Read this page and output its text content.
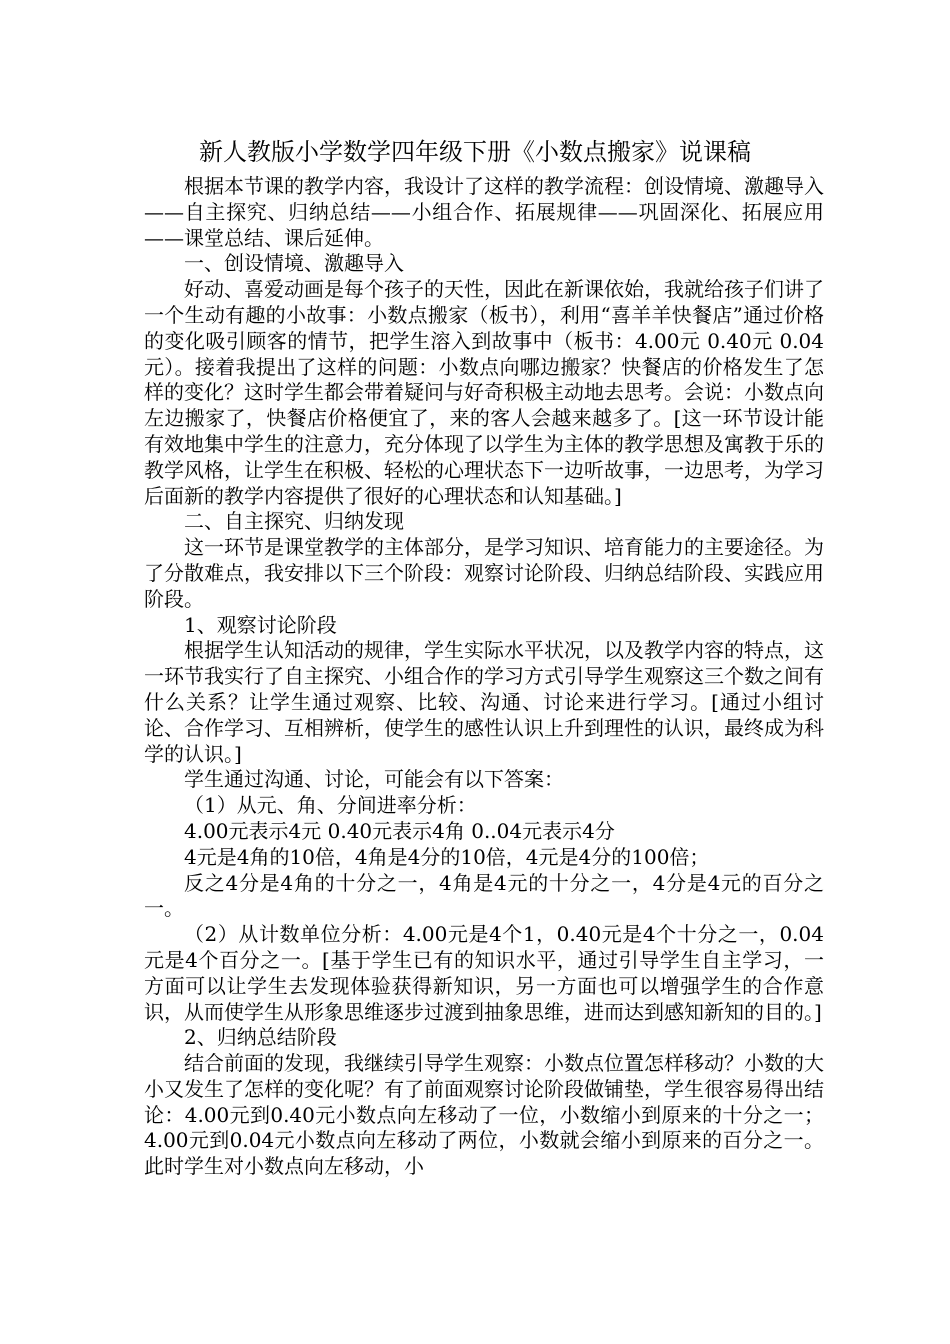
新人教版小学数学四年级下册《小数点搬家》说课稿

根据本节课的教学内容，我设计了这样的教学流程：创设情境、激趣导入——自主探究、归纳总结——小组合作、拓展规律——巩固深化、拓展应用——课堂总结、课后延伸。

一、创设情境、激趣导入

好动、喜爱动画是每个孩子的天性，因此在新课依始，我就给孩子们讲了一个生动有趣的小故事：小数点搬家（板书），利用“喜羊羊快餐店”通过价格的变化吸引顾客的情节，把学生溶入到故事中（板书：4.00元 0.40元 0.04元）。接着我提出了这样的问题：小数点向哪边搬家？快餐店的价格发生了怎样的变化？这时学生都会带着疑问与好奇积极主动地去思考。会说：小数点向左边搬家了，快餐店价格便宜了，来的客人会越来越多了。[这一环节设计能有效地集中学生的注意力，充分体现了以学生为主体的教学思想及寓教于乐的教学风格，让学生在积极、轻松的心理状态下一边听故事，一边思考，为学习后面新的教学内容提供了很好的心理状态和认知基础。]

二、自主探究、归纳发现

这一环节是课堂教学的主体部分，是学习知识、培育能力的主要途径。为了分散难点，我安排以下三个阶段：观察讨论阶段、归纳总结阶段、实践应用阶段。

1、观察讨论阶段

根据学生认知活动的规律，学生实际水平状况，以及教学内容的特点，这一环节我实行了自主探究、小组合作的学习方式引导学生观察这三个数之间有什么关系？让学生通过观察、比较、沟通、讨论来进行学习。[通过小组讨论、合作学习、互相辨析，使学生的感性认识上升到理性的认识，最终成为科学的认识。]

学生通过沟通、讨论，可能会有以下答案：

（1）从元、角、分间进率分析：

4.00元表示4元 0.40元表示4角 0..04元表示4分

4元是4角的10倍，4角是4分的10倍，4元是4分的100倍；

反之4分是4角的十分之一，4角是4元的十分之一，4分是4元的百分之一。

（2）从计数单位分析：4.00元是4个1，0.40元是4个十分之一，0.04元是4个百分之一。[基于学生已有的知识水平，通过引导学生自主学习，一方面可以让学生去发现体验获得新知识，另一方面也可以增强学生的合作意识，从而使学生从形象思维逐步过渡到抽象思维，进而达到感知新知的目的。]

2、归纳总结阶段

结合前面的发现，我继续引导学生观察：小数点位置怎样移动？小数的大小又发生了怎样的变化呢？有了前面观察讨论阶段做铺垫，学生很容易得出结论：4.00元到0.40元小数点向左移动了一位，小数缩小到原来的十分之一；4.00元到0.04元小数点向左移动了两位，小数就会缩小到原来的百分之一。此时学生对小数点向左移动，小
